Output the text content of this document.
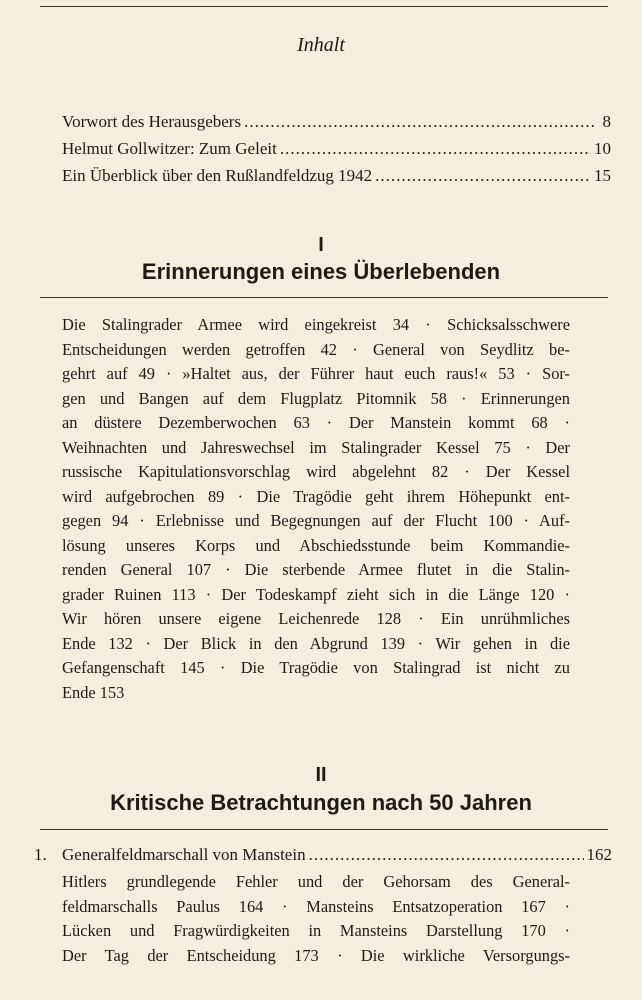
Inhalt
Vorwort des Herausgebers .....	8
Helmut Gollwitzer: Zum Geleit .....	10
Ein Überblick über den Rußlandfeldzug 1942 .....	15
I
Erinnerungen eines Überlebenden
Die Stalingrader Armee wird eingekreist 34 · Schicksalsschwere
Entscheidungen werden getroffen 42 · General von Seydlitz be-
gehrt auf 49 · »Haltet aus, der Führer haut euch raus!« 53 · Sor-
gen und Bangen auf dem Flugplatz Pitomnik 58 · Erinnerungen
an düstere Dezemberwochen 63 · Der Manstein kommt 68 ·
Weihnachten und Jahreswechsel im Stalingrader Kessel 75 · Der
russische Kapitulationsvorschlag wird abgelehnt 82 · Der Kessel
wird aufgebrochen 89 · Die Tragödie geht ihrem Höhepunkt ent-
gegen 94 · Erlebnisse und Begegnungen auf der Flucht 100 · Auf-
lösung unseres Korps und Abschiedsstunde beim Kommandie-
renden General 107 · Die sterbende Armee flutet in die Stalin-
grader Ruinen 113 · Der Todeskampf zieht sich in die Länge 120 ·
Wir hören unsere eigene Leichenrede 128 · Ein unrühmliches
Ende 132 · Der Blick in den Abgrund 139 · Wir gehen in die
Gefangenschaft 145 · Die Tragödie von Stalingrad ist nicht zu
Ende 153
II
Kritische Betrachtungen nach 50 Jahren
1. Generalfeldmarschall von Manstein .....	162
Hitlers grundlegende Fehler und der Gehorsam des General-
feldmarschalls Paulus 164 · Mansteins Entsatzoperation 167 ·
Lücken und Fragwürdigkeiten in Mansteins Darstellung 170 ·
Der Tag der Entscheidung 173 · Die wirkliche Versorgungs-
